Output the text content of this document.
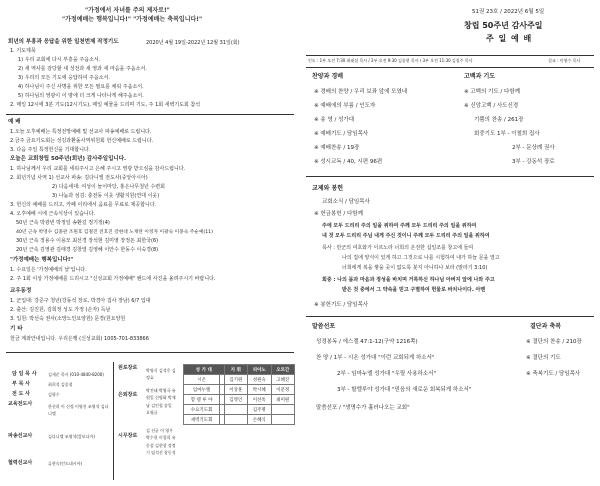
"가정에서 자녀를 주의 제자로!"
"가정예배는 행복입니다!" "가정예배는 축복입니다!"
회년의 부흥과 응답을 위한 일천번제 작정기도	2020년 4월 19일-2022년 12월 31일(회)
1. 기도제목
1) 우리 교회에 다시 부흥을 주옵소서.
2) 새 역사를 감당할 새 성전과 새 영과 새 마음을 주옵소서.
3) 우리의 모든 기도에 응답하여 주옵소서.
4) 하나님이 주신 사명을 위한 모든 필요를 채워 주옵소서.
5) 하나님의 영광이 이 땅에 더 크게 나타나게 해주옵소서.
2. 매일 12시에 3분 기도(12시기도), 매일 예물을 드리며 기도, 주 1회 새벽기도회 참석
예 배
1.오늘 오후예배는 특정전망예배 및 선교사 파송예배로 드립니다.
2.금주 금요기도회는 성김과환돌사역위원회 헌신예배로 드립니다.
3. 다음 주일 특정헌신을 기대합니다.
오늘은 교회창립 50주년(회년) 감사주일입니다.
1. 하나님께서 우리 교회를 세워주시고 은혜 주시고 영광 받으심을 감사드립니다.
2. 회년기념 사역 1) 선교사 파송: 김다니엘 전도사(중앙아시아)
2) 다음세대: 여성이 놀이마당, 홍은나무청년 수련회
3) 나눔과 섬김: 충전동 이웃 생활지원(연대 이웃)
3. 헌신의 예배를 드리고, 카페 이리에서 음료를 무료로 제공합니다.
4. 오후예배 시에 근속식상이 있습니다.
50년 근속 박광빈 박정일 송환길 정기정(4)
40년 근속 박영수 김종관 조원호 김철진 전호진 강현대 노재란 이정자 이광숙 이몽숙 주순예(11)
30년 근속 정용수 이용모 최선경 장석현 김미영 장정돈 최한국(6)
20년 근속 김영관 김태경 김창열 김영혜 이안수 한동수 이숙경(8)
"가정예배는 행복입니다!"
1. 수요일은 '가정예배의 날'입니다.
2. 주 1회 이상 가정예배를 드리시고 "신성교회 가정예배" 밴드에 사진을 올려주시기 바랍니다.
교우동정
1. 군입대: 강준구 청년(강동석 장로, 박경아 집사 장남) 6/7 입대
2. 출산: 김진원, 김희정 성도 가정 (손자) 득남
3. 입원: 박선숙 권사(소망노인요양원) 문경(원요양원
기 타
헌금 계좌안내입니다. 우리은행 (신성교회) 1005-701-833866
담 임 목 사	김세준 목사 (010-4840-8200)
부 목 사	최희석 김종철
전 도 사	김형수
교육전도사	한선희 이 신정 이영진 조영석 김다니엘
파송선교사	김다니엘 조영석(캄보디아)
협력선교사	류현숙(인도네시아)
원로장로 박영식 김석웅 김정효
은퇴장로
박진태 박영국 유원일 신명화 박재남 김인철 송일 오영균
시무장로
김 선균 이 영우 박수헌 이창희 유동섭 김현장 장정기 임석선 장동석
성 가 대		지 휘	피아노	오르간
시온		김기원	성원숙	고혜진
임마누엘		이상훈	박시혜	이문정
할 렐 루 야		김영인	이선옥	최미원
수요기도회			김주명	
새벽기도회			손혜식	
51권 23호 / 2022년 6월 5일
창립 50주년 감사주일
주 일 예 배
인도 : 1부 오전 7:30 최태섭 목사 / 2부 오전 9:30 김종현 목사 / 3부 오전 11:30 김철주 목사	설교 : 이영수 목사
찬양과 경배	고백과 기도
※ 경배의 찬양 / 우리 보좌 앞에 모였네
※ 예배에의 부름 / 인도자
※ 송 영 / 성가대
※ 예배기도 / 담임목사
※ 예배찬송 / 19장
※ 성시교독 / 40, 시편 96편
※ 고백의 기도 / 다함께
※ 신앙고백 / 사도신경
기쁨의 찬송 / 261장
회중기도 1부 - 이철희 집사
2부 - 문상례 권사
3부 - 강동석 장로
교제와 봉헌
교회소식 / 담임목사
※ 헌금봉헌 / 다함께
주에 모두 드리리 주의 일을 위하여 주께 모두 드리리 주의 일을 위하여
내 것 모두 드리리 주님 내게 주신 것이니 주께 모두 드리리 주의 일을 위하여
목사 : 만군의 여호와가 이르노라 너희의 온전한 십일조를 창고에 들여
나의 집에 양식이 있게 하고 그것으로 나를 시험하여 내가 하늘 문을 열고
너희에게 복을 쌓을 곳이 없도록 붓지 아니하나 보라 (말라기 3:10)
회중 : 나의 몸과 마음과 정성을 바치며 거룩하신 하나님 아버지 앞에 나와 주고
받은 것 중에서 그 약속을 믿고 구별하여 헌물로 바치나이다. 아멘
※ 봉헌기도 / 담임목사
말씀선포	결단과 축복
성경봉독 / 에스겔 47:1-12(구약 1216쪽)
찬 양 / 1부 - 시온 성가대 "이런 교회되게 하소서"
2부 - 임마누엘 성가대 "우릴 사용하소서"
3부 - 할렐루야 성가대 "믿음의 새로운 회복되게 하소서"
말씀선포 / "생명수가 흘러나오는 교회"
※ 결단의 찬송 / 210장
※ 결단의 기도
※ 축복기도 / 담임목사
